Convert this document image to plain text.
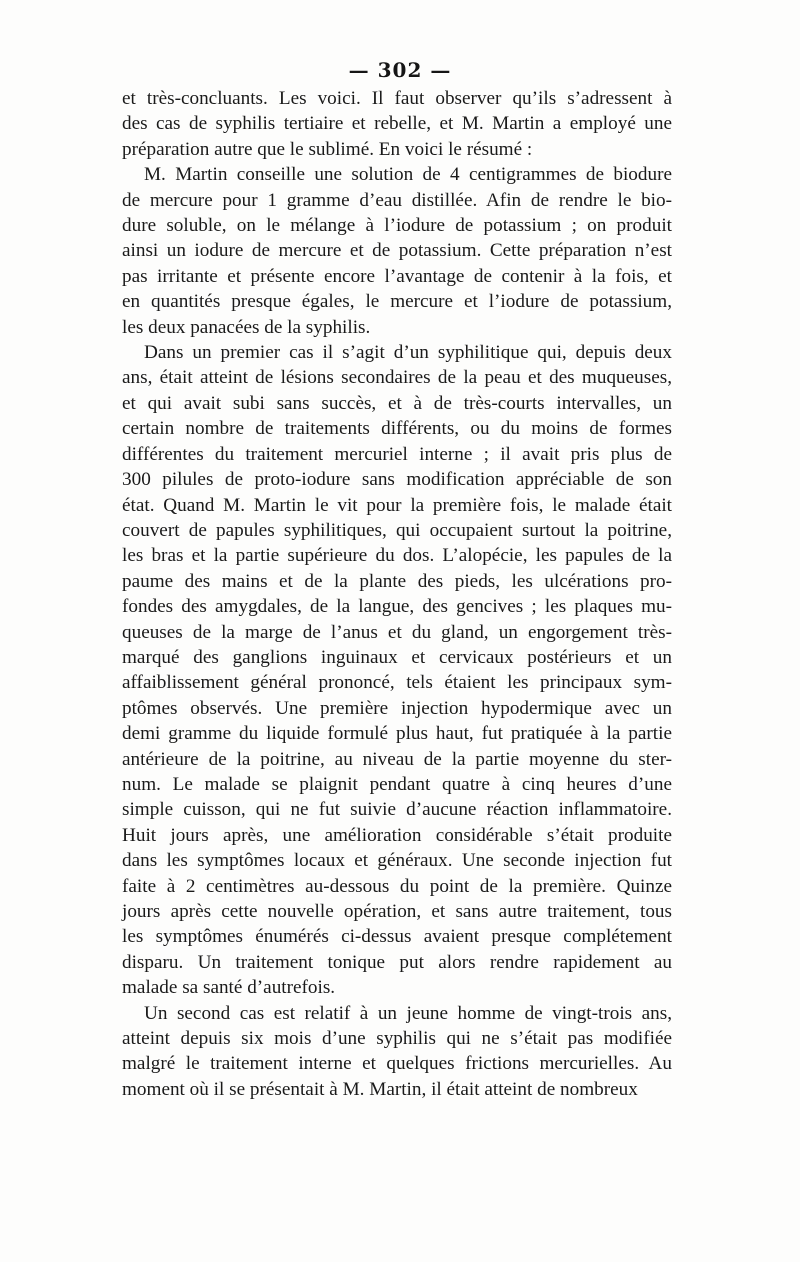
— 302 —
et très-concluants. Les voici. Il faut observer qu’ils s’adressent à
des cas de syphilis tertiaire et rebelle, et M. Martin a employé une
préparation autre que le sublimé. En voici le résumé :
M. Martin conseille une solution de 4 centigrammes de biodure
de mercure pour 1 gramme d’eau distillée. Afin de rendre le bio-
dure soluble, on le mélange à l’iodure de potassium ; on produit
ainsi un iodure de mercure et de potassium. Cette préparation n’est
pas irritante et présente encore l’avantage de contenir à la fois, et
en quantités presque égales, le mercure et l’iodure de potassium,
les deux panacées de la syphilis.
Dans un premier cas il s’agit d’un syphilitique qui, depuis deux
ans, était atteint de lésions secondaires de la peau et des muqueuses,
et qui avait subi sans succès, et à de très-courts intervalles, un
certain nombre de traitements différents, ou du moins de formes
différentes du traitement mercuriel interne ; il avait pris plus de
300 pilules de proto-iodure sans modification appréciable de son
état. Quand M. Martin le vit pour la première fois, le malade était
couvert de papules syphilitiques, qui occupaient surtout la poitrine,
les bras et la partie supérieure du dos. L’alopécie, les papules de la
paume des mains et de la plante des pieds, les ulcérations pro-
fondes des amygdales, de la langue, des gencives ; les plaques mu-
queuses de la marge de l’anus et du gland, un engorgement très-
marqué des ganglions inguinaux et cervicaux postérieurs et un
affaiblissement général prononcé, tels étaient les principaux sym-
ptômes observés. Une première injection hypodermique avec un
demi gramme du liquide formulé plus haut, fut pratiquée à la partie
antérieure de la poitrine, au niveau de la partie moyenne du ster-
num. Le malade se plaignit pendant quatre à cinq heures d’une
simple cuisson, qui ne fut suivie d’aucune réaction inflammatoire.
Huit jours après, une amélioration considérable s’était produite
dans les symptômes locaux et généraux. Une seconde injection fut
faite à 2 centimètres au-dessous du point de la première. Quinze
jours après cette nouvelle opération, et sans autre traitement, tous
les symptômes énumérés ci-dessus avaient presque complétement
disparu. Un traitement tonique put alors rendre rapidement au
malade sa santé d’autrefois.
Un second cas est relatif à un jeune homme de vingt-trois ans,
atteint depuis six mois d’une syphilis qui ne s’était pas modifiée
malgré le traitement interne et quelques frictions mercurielles. Au
moment où il se présentait à M. Martin, il était atteint de nombreux
